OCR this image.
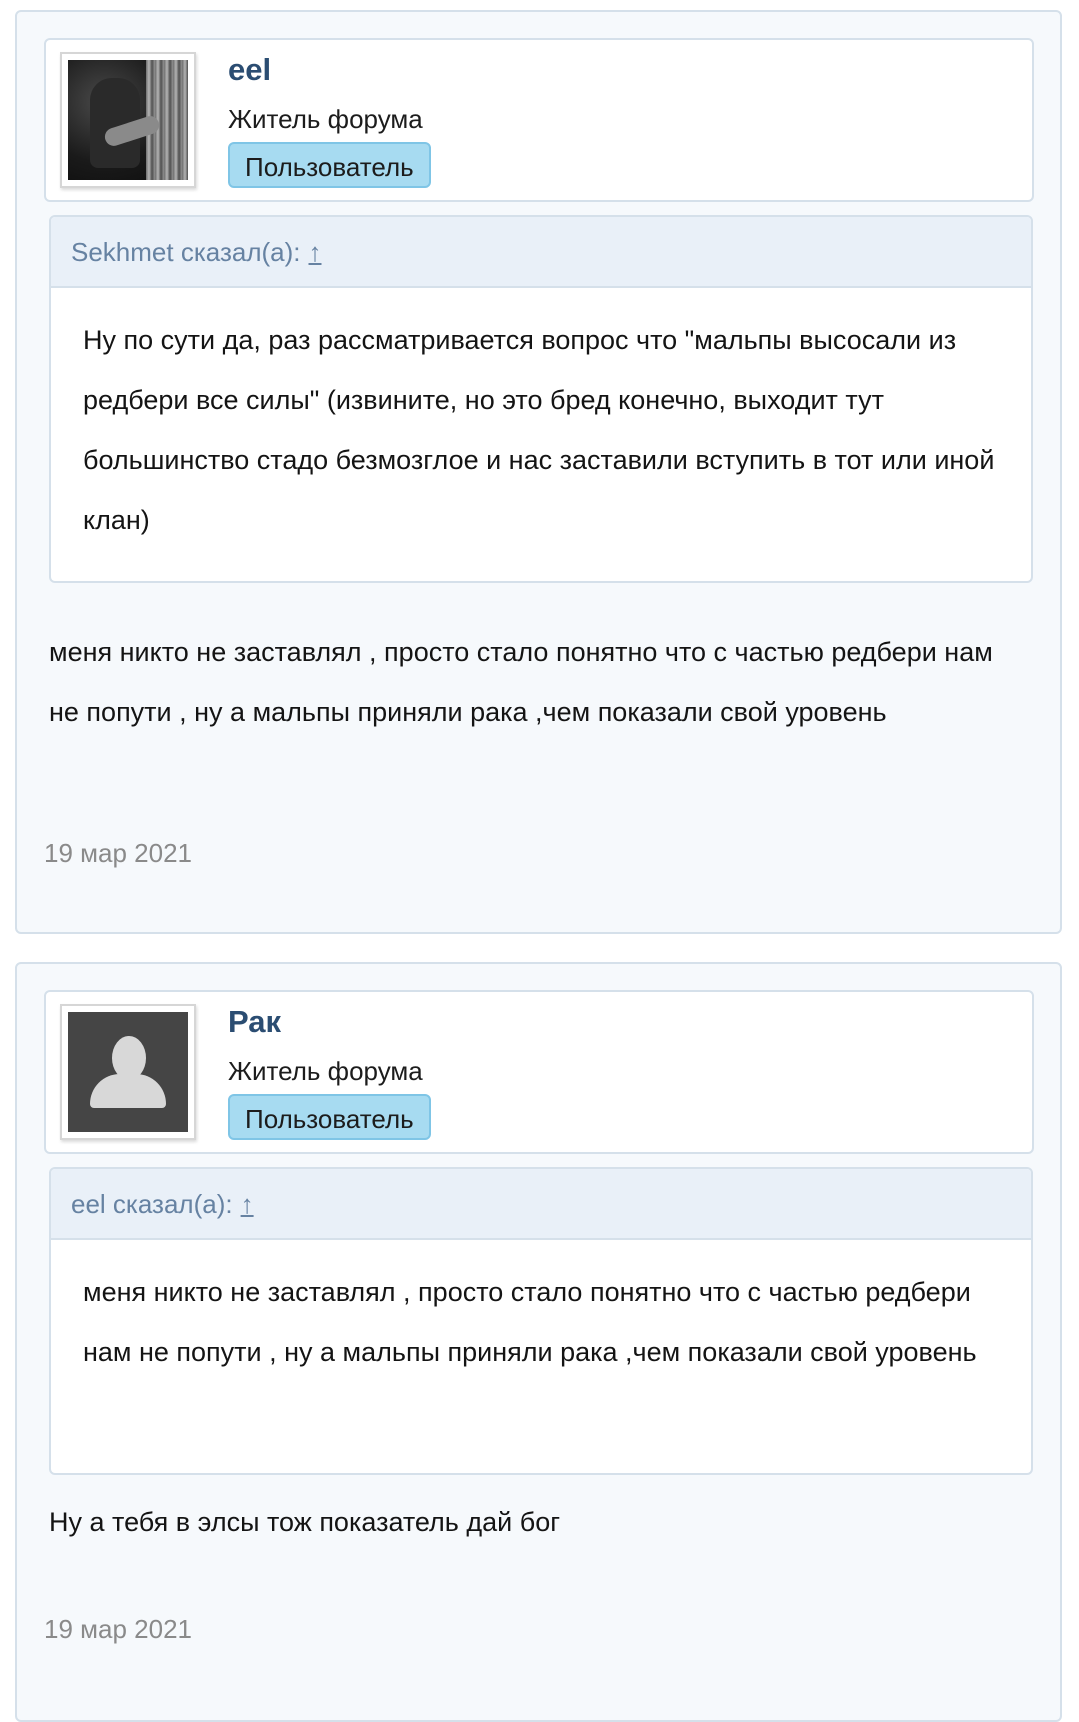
eel
Житель форума
Пользователь
Sekhmet сказал(а): ↑
Ну по сути да, раз рассматривается вопрос что "мальпы высосали из редбери все силы" (извините, но это бред конечно, выходит тут большинство стадо безмозглое и нас заставили вступить в тот или иной клан)
меня никто не заставлял , просто стало понятно что с частью редбери нам не попути , ну а мальпы приняли рака ,чем показали свой уровень
19 мар 2021
Рак
Житель форума
Пользователь
eel сказал(а): ↑
меня никто не заставлял , просто стало понятно что с частью редбери нам не попути , ну а мальпы приняли рака ,чем показали свой уровень
Ну а тебя в элсы тож показатель дай бог
19 мар 2021
